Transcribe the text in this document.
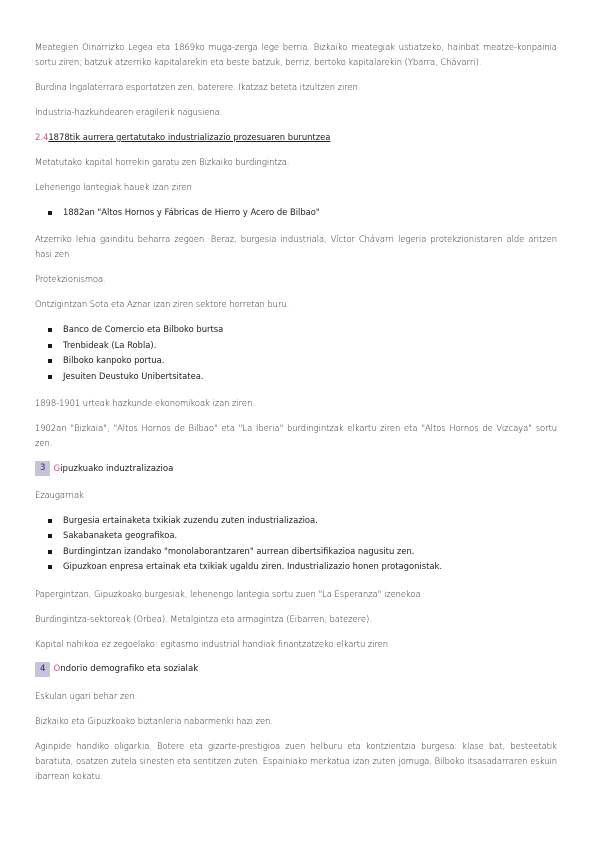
Meategien Oinarrizko Legea eta 1869ko muga-zerga lege berria. Bizkaiko meategiak ustiatzeko, hainbat meatze-konpainia sortu ziren; batzuk atzerriko kapitalarekin eta beste batzuk, berriz, bertoko kapitalarekin (Ybarra, Chávarri).

Burdina Ingalaterrara esportatzen zen, baterere. Ikatzaz beteta itzultzen ziren.

Industria-hazkundearen eragilerik nagusiena.

2.41878tik aurrera gertatutako industrializazio prozesuaren buruntzea

Metatutako kapital horrekin garatu zen Bizkaiko burdingintza.

Lehenengo lantegiak hauek izan ziren

1882an "Altos Hornos y Fábricas de Hierro y Acero de Bilbao"

Atzerriko lehia gainditu beharra zegoen. Beraz, burgesia industriala, Víctor Chávarri legeria protekzionistaren alde aritzen hasi zen

Protekzionismoa.

Ontzigintzan Sota eta Aznar izan ziren sektore horretan buru.

Banco de Comercio eta Bilboko burtsa
Trenbideak (La Robla).
Bilboko kanpoko portua.
Jesuiten Deustuko Unibertsitatea.

1898-1901 urteak hazkunde ekonomikoak izan ziren.

1902an "Bizkaia", "Altos Hornos de Bilbao" eta "La Iberia" burdingintzak elkartu ziren eta "Altos Hornos de Vizcaya" sortu zen.

3 G ipuzkuako induztralizazioa

Ezaugarriak

Burgesia ertainaketa txikiak zuzendu zuten industrializazioa.
Sakabanaketa geografikoa.
Burdingintzan izandako "monolaborantzaren" aurrean dibertsifikazioa nagusitu zen.
Gipuzkoan enpresa ertainak eta txikiak ugaldu ziren. Industrializazio honen protagonistak.

Papergintzan, Gipuzkoako burgesiak, lehenengo lantegia sortu zuen "La Esperanza" izenekoa

Burdingintza-sektoreak (Orbea). Metalgintza eta armagintza (Eibarren, batezere).

Kapital nahikoa ez zegoelako: egitasmo industrial handiak finantzatzeko elkartu ziren

4 O ndorio demografiko eta sozialak

Eskulan ugari behar zen.

Bizkaiko eta Gipuzkoako biztanleria nabarmenki hazi zen.

Aginpide handiko oligarkia. Botere eta gizarte-prestigioa zuen helburu eta kontzientzia burgesa: klase bat, besteetatik baratuta, osatzen zutela sinesten eta sentitzen zuten. Espainiako merkatua izan zuten jomuga, Bilboko itsasadarraren eskuin ibarrean kokatu.
